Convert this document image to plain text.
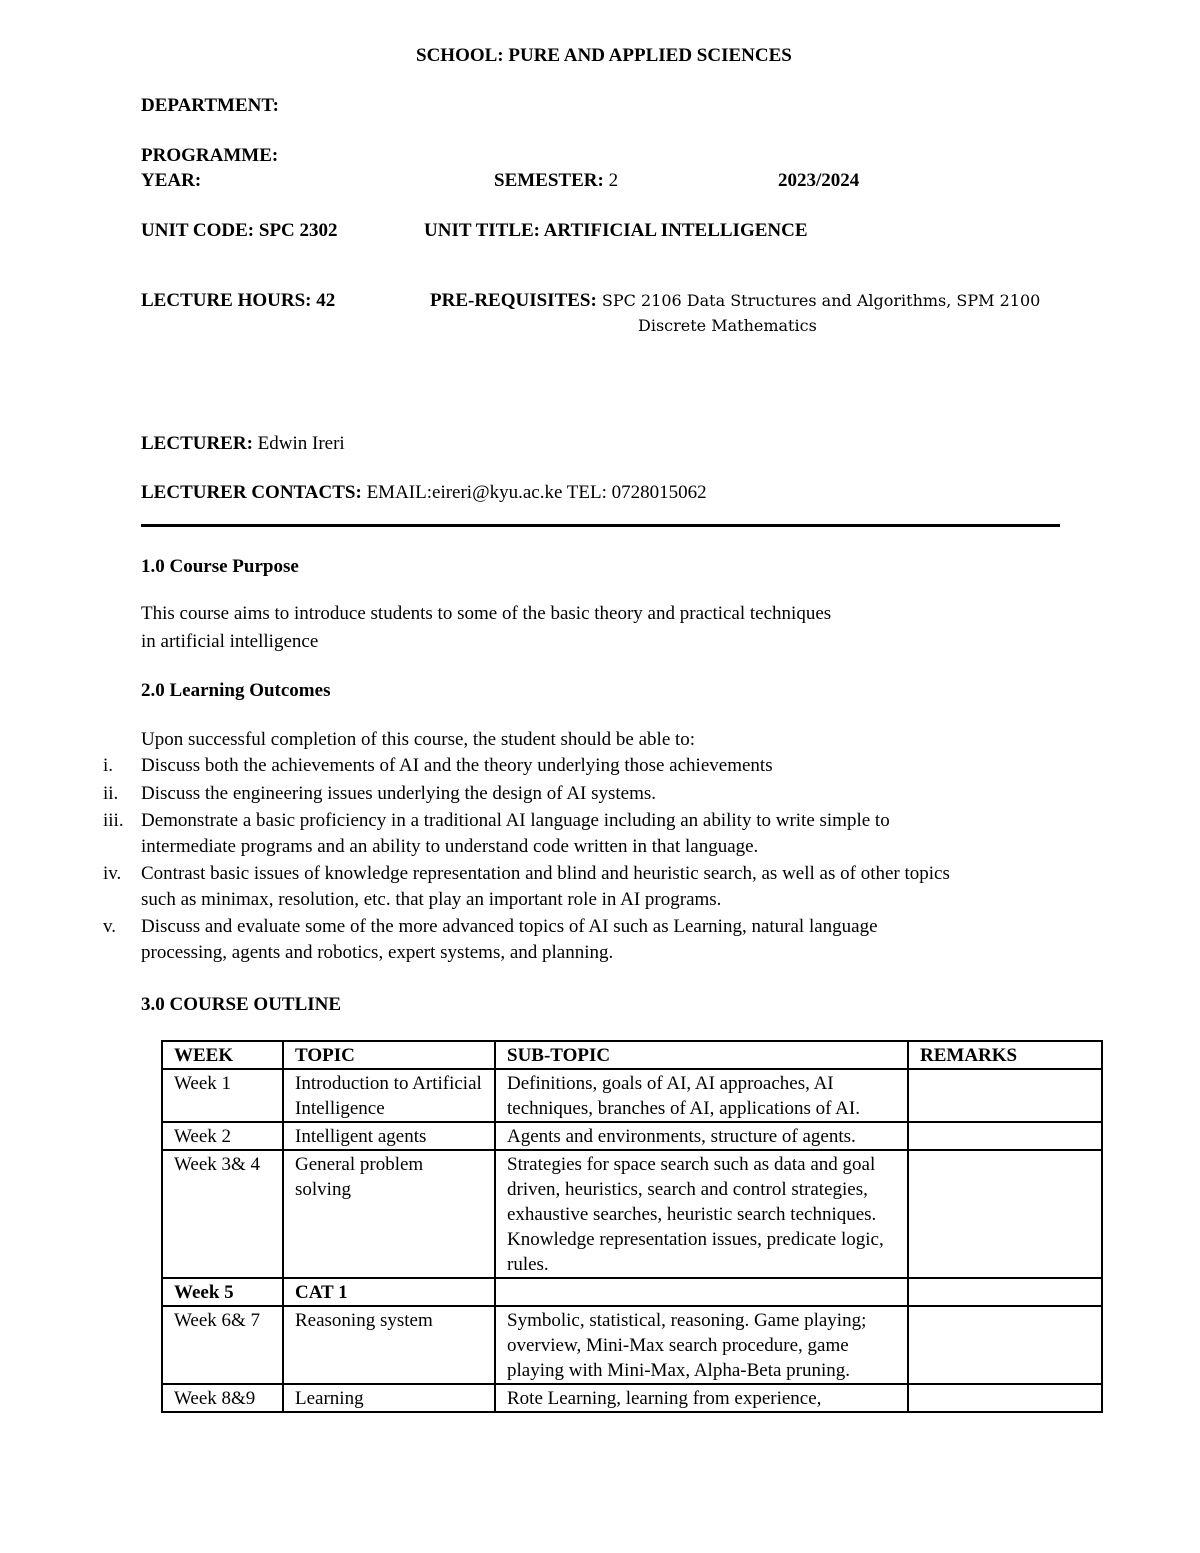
SCHOOL: PURE AND APPLIED SCIENCES
DEPARTMENT:
PROGRAMME:
YEAR:	SEMESTER: 2	2023/2024
UNIT CODE: SPC 2302	UNIT TITLE: ARTIFICIAL INTELLIGENCE
LECTURE HOURS: 42	PRE-REQUISITES: SPC 2106 Data Structures and Algorithms, SPM 2100
Discrete Mathematics
LECTURER: Edwin Ireri
LECTURER CONTACTS: EMAIL:eireri@kyu.ac.ke TEL: 0728015062
1.0 Course Purpose
This course aims to introduce students to some of the basic theory and practical techniques
in artificial intelligence
2.0 Learning Outcomes
Upon successful completion of this course, the student should be able to:
i. Discuss both the achievements of AI and the theory underlying those achievements
ii. Discuss the engineering issues underlying the design of AI systems.
iii. Demonstrate a basic proficiency in a traditional AI language including an ability to write simple to
intermediate programs and an ability to understand code written in that language.
iv. Contrast basic issues of knowledge representation and blind and heuristic search, as well as of other topics
such as minimax, resolution, etc. that play an important role in AI programs.
v. Discuss and evaluate some of the more advanced topics of AI such as Learning, natural language
processing, agents and robotics, expert systems, and planning.
3.0 COURSE OUTLINE
WEEK	TOPIC	SUB-TOPIC	REMARKS
Week 1	Introduction to Artificial Intelligence	Definitions, goals of AI, AI approaches, AI techniques, branches of AI, applications of AI.	
Week 2	Intelligent agents	Agents and environments, structure of agents.	
Week 3& 4	General problem solving	Strategies for space search such as data and goal driven, heuristics, search and control strategies, exhaustive searches, heuristic search techniques. Knowledge representation issues, predicate logic, rules.	
Week 5	CAT 1		
Week 6& 7	Reasoning system	Symbolic, statistical, reasoning. Game playing; overview, Mini-Max search procedure, game playing with Mini-Max, Alpha-Beta pruning.	
Week 8&9	Learning	Rote Learning, learning from experience,	
